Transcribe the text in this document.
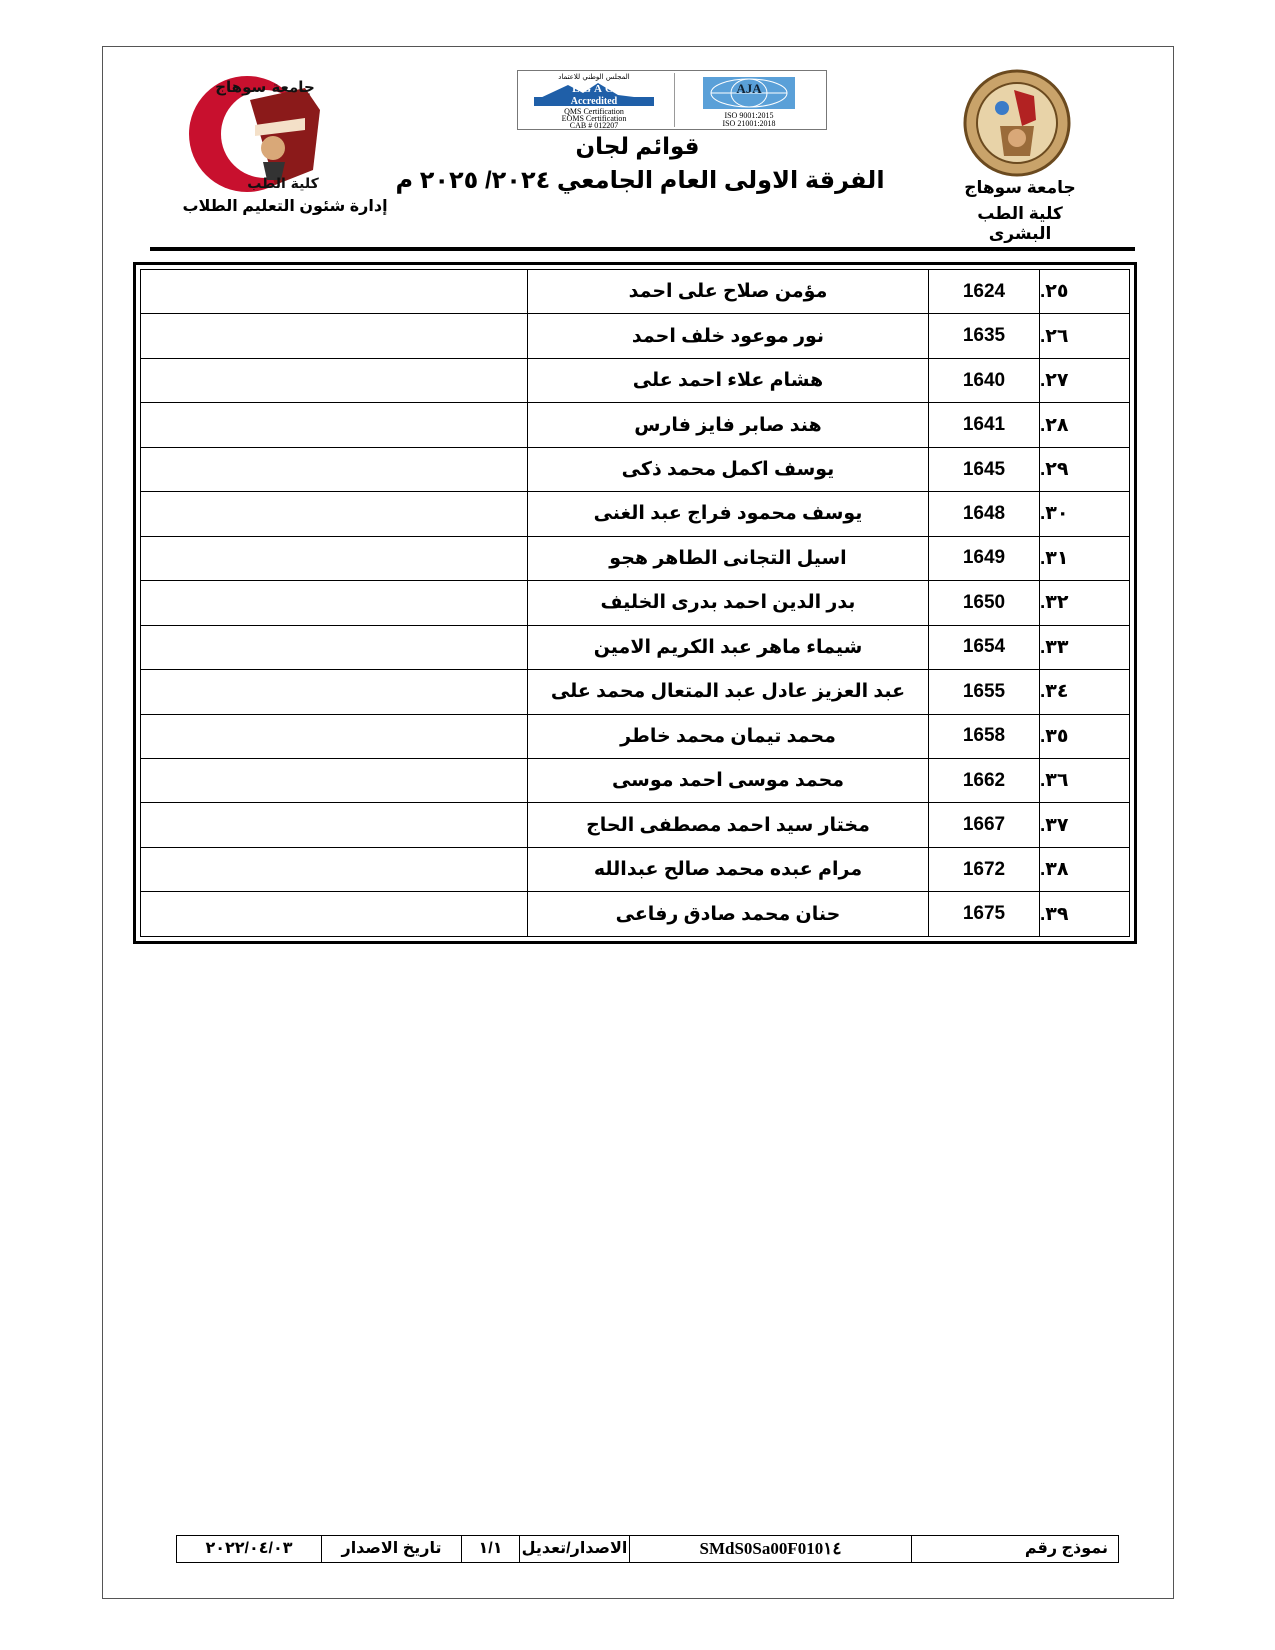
جامعة سوهاج
كلية الطب
المجلس الوطني للاعتماد
EGAC
Accredited
QMS Certification
EOMS Certification
CAB # 012207
AJA
ISO 9001:2015
ISO 21001:2018
قوائم لجان
الفرقة الاولى العام الجامعي ٢٠٢٤/ ٢٠٢٥ م
إدارة شئون التعليم الطلاب
جامعة سوهاج
كلية الطب البشرى
	مؤمن صلاح على احمد	1624	.٢٥
	نور موعود خلف احمد	1635	.٢٦
	هشام علاء احمد على	1640	.٢٧
	هند صابر فايز فارس	1641	.٢٨
	يوسف اكمل محمد ذكى	1645	.٢٩
	يوسف محمود فراج عبد الغنى	1648	.٣٠
	اسيل التجانى الطاهر هجو	1649	.٣١
	بدر الدين احمد بدرى الخليف	1650	.٣٢
	شيماء ماهر عبد الكريم الامين	1654	.٣٣
	عبد العزيز عادل عبد المتعال محمد على	1655	.٣٤
	محمد تيمان محمد خاطر	1658	.٣٥
	محمد موسى احمد موسى	1662	.٣٦
	مختار سيد احمد مصطفى الحاج	1667	.٣٧
	مرام عبده محمد صالح عبدالله	1672	.٣٨
	حنان محمد صادق رفاعى	1675	.٣٩
٢٠٢٢/٠٤/٠٣	تاريخ الاصدار	١/١	الاصدار/تعديل	SMdS0Sa00F010١٤	نموذج رقم
